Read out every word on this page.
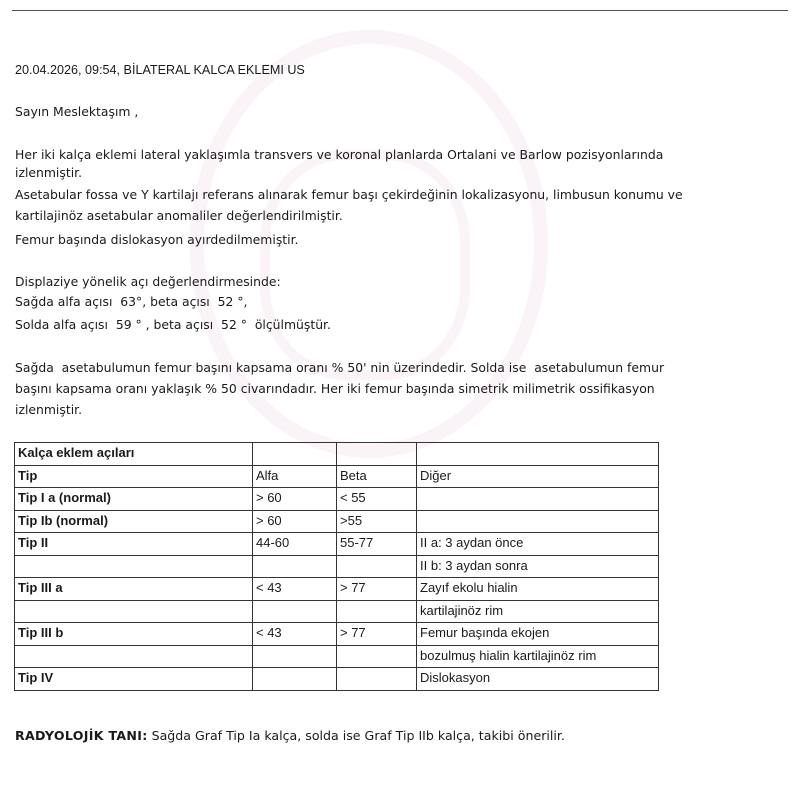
20.04.2026, 09:54, BİLATERAL KALCA EKLEMI US
Sayın Meslektaşım ,
Her iki kalça eklemi lateral yaklaşımla transvers ve koronal planlarda Ortalani ve Barlow pozisyonlarında
izlenmiştir.
Asetabular fossa ve Y kartilajı referans alınarak femur başı çekirdeğinin lokalizasyonu, limbusun konumu ve
kartilajinöz asetabular anomaliler değerlendirilmiştir.
Femur başında dislokasyon ayırdedilmemiştir.
Displaziye yönelik açı değerlendirmesinde:
Sağda alfa açısı  63°, beta açısı  52 °,
Solda alfa açısı  59 ° , beta açısı  52 °  ölçülmüştür.
Sağda  asetabulumun femur başını kapsama oranı % 50' nin üzerindedir. Solda ise  asetabulumun femur
başını kapsama oranı yaklaşık % 50 civarındadır. Her iki femur başında simetrik milimetrik ossifikasyon
izlenmiştir.
Kalça eklem açıları			
Tip	Alfa	Beta	Diğer
Tip I a (normal)	> 60	< 55	
Tip Ib (normal)	> 60	>55	
Tip II	44-60	55-77	II a: 3 aydan önce
			II b: 3 aydan sonra
Tip III a	< 43	> 77	Zayıf ekolu hialin
			kartilajinöz rim
Tip III b	< 43	> 77	Femur başında ekojen
			bozulmuş hialin kartilajinöz rim
Tip IV			Dislokasyon
RADYOLOJİK TANI: Sağda Graf Tip Ia kalça, solda ise Graf Tip IIb kalça, takibi önerilir.
